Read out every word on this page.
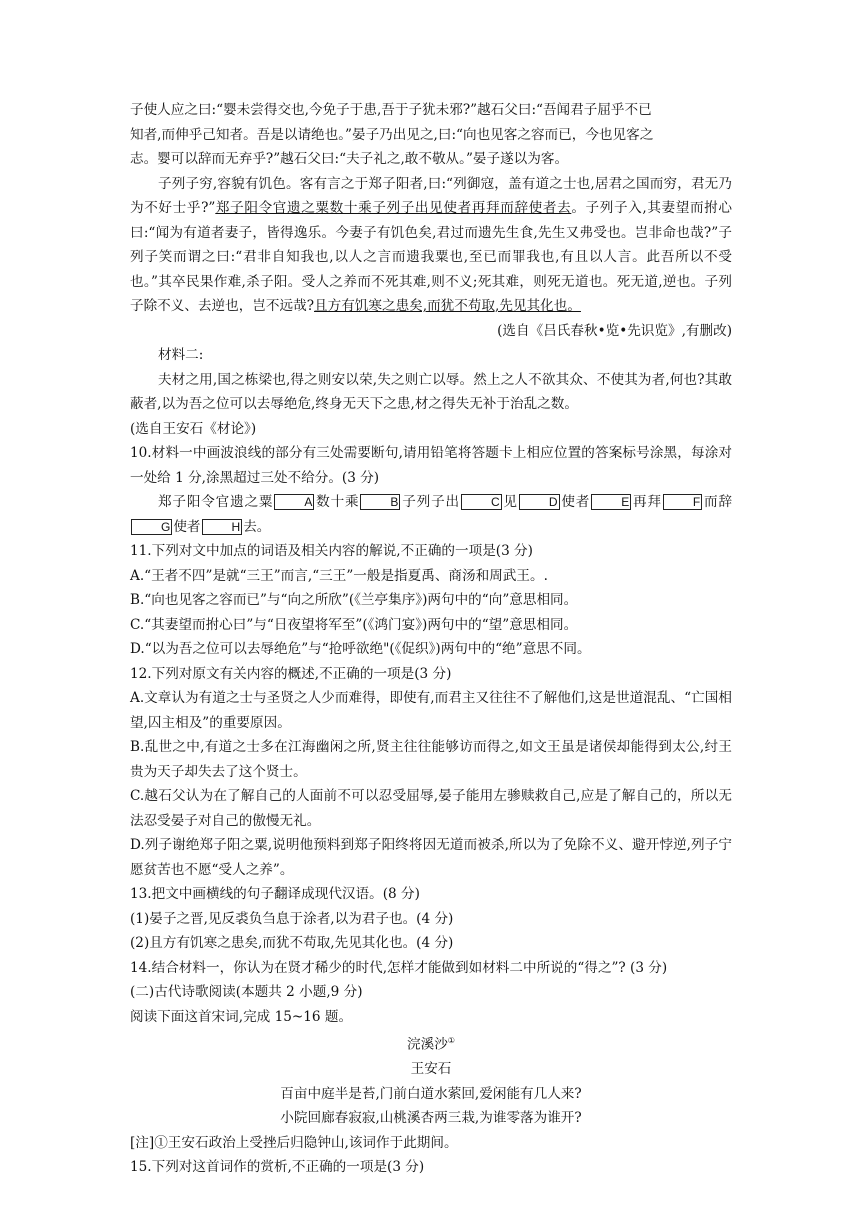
子使人应之曰:“婴未尝得交也,今免子于患,吾于子犹未邪?”越石父曰:“吾闻君子屈乎不已
知者,而伸乎己知者。吾是以请绝也。”晏子乃出见之,曰:“向也见客之容而已，今也见客之
志。婴可以辞而无弃乎?”越石父曰:“夫子礼之,敢不敬从。”晏子遂以为客。

子列子穷,容貌有饥色。客有言之于郑子阳者,曰:“列御寇，盖有道之士也,居君之国而穷，君无乃为不好士乎?”郑子阳令官遗之粟数十乘子列子出见使者再拜而辞使者去。子列子入,其妻望而拊心曰:“闻为有道者妻子，皆得逸乐。今妻子有饥色矣,君过而遗先生食,先生又弗受也。岂非命也哉?”子列子笑而谓之曰:“君非自知我也,以人之言而遗我粟也,至已而罪我也,有且以人言。此吾所以不受也。”其卒民果作难,杀子阳。受人之养而不死其难,则不义;死其难，则死无道也。死无道,逆也。子列子除不义、去逆也，岂不远哉?且方有饥寒之患矣,而犹不苟取,先见其化也。

(选自《吕氏春秋•览•先识览》,有删改)

材料二:

夫材之用,国之栋梁也,得之则安以荣,失之则亡以辱。然上之人不欲其众、不使其为者,何也?其敢蔽者,以为吾之位可以去辱绝危,终身无天下之患,材之得失无补于治乱之数。

(选自王安石《材论》)

10.材料一中画波浪线的部分有三处需要断句,请用铅笔将答题卡上相应位置的答案标号涂黑，每涂对一处给 1 分,涂黑超过三处不给分。(3 分)

郑子阳令官遗之粟	A 数十乘	B 子列子出	C 见	D 使者	E 再拜	F 而辞G 使者	H 去。

11.下列对文中加点的词语及相关内容的解说,不正确的一项是(3 分)

A.“王者不四”是就“三王”而言,“三王”一般是指夏禹、商汤和周武王。.

B.“向也见客之容而已”与“向之所欣”(《兰亭集序》)两句中的“向”意思相同。

C.“其妻望而拊心曰”与“日夜望将军至”(《鸿门宴》)两句中的“望”意思相同。

D.“以为吾之位可以去辱绝危”与“抢呼欲绝"(《促织》)两句中的“绝”意思不同。

12.下列对原文有关内容的概述,不正确的一项是(3 分)

A.文章认为有道之士与圣贤之人少而难得，即使有,而君主又往往不了解他们,这是世道混乱、“亡国相望,囚主相及”的重要原因。

B.乱世之中,有道之士多在江海幽闲之所,贤主往往能够访而得之,如文王虽是诸侯却能得到太公,纣王贵为天子却失去了这个贤士。

C.越石父认为在了解自己的人面前不可以忍受屈辱,晏子能用左骖赎救自己,应是了解自己的，所以无法忍受晏子对自己的傲慢无礼。

D.列子谢绝郑子阳之粟,说明他预料到郑子阳终将因无道而被杀,所以为了免除不义、避开悖逆,列子宁愿贫苦也不愿“受人之养”。

13.把文中画横线的句子翻译成现代汉语。(8 分)

(1)晏子之晋,见反裘负刍息于涂者,以为君子也。(4 分)

(2)且方有饥寒之患矣,而犹不苟取,先见其化也。(4 分)

14.结合材料一，你认为在贤才稀少的时代,怎样才能做到如材料二中所说的“得之”? (3 分)

(二)古代诗歌阅读(本题共 2 小题,9 分)

阅读下面这首宋词,完成 15~16 题。

浣溪沙①

王安石

百亩中庭半是苔,门前白道水萦回,爱闲能有几人来?

小院回廊春寂寂,山桃溪杏两三栽,为谁零落为谁开?

[注]①王安石政治上受挫后归隐钟山,该词作于此期间。

15.下列对这首词作的赏析,不正确的一项是(3 分)
